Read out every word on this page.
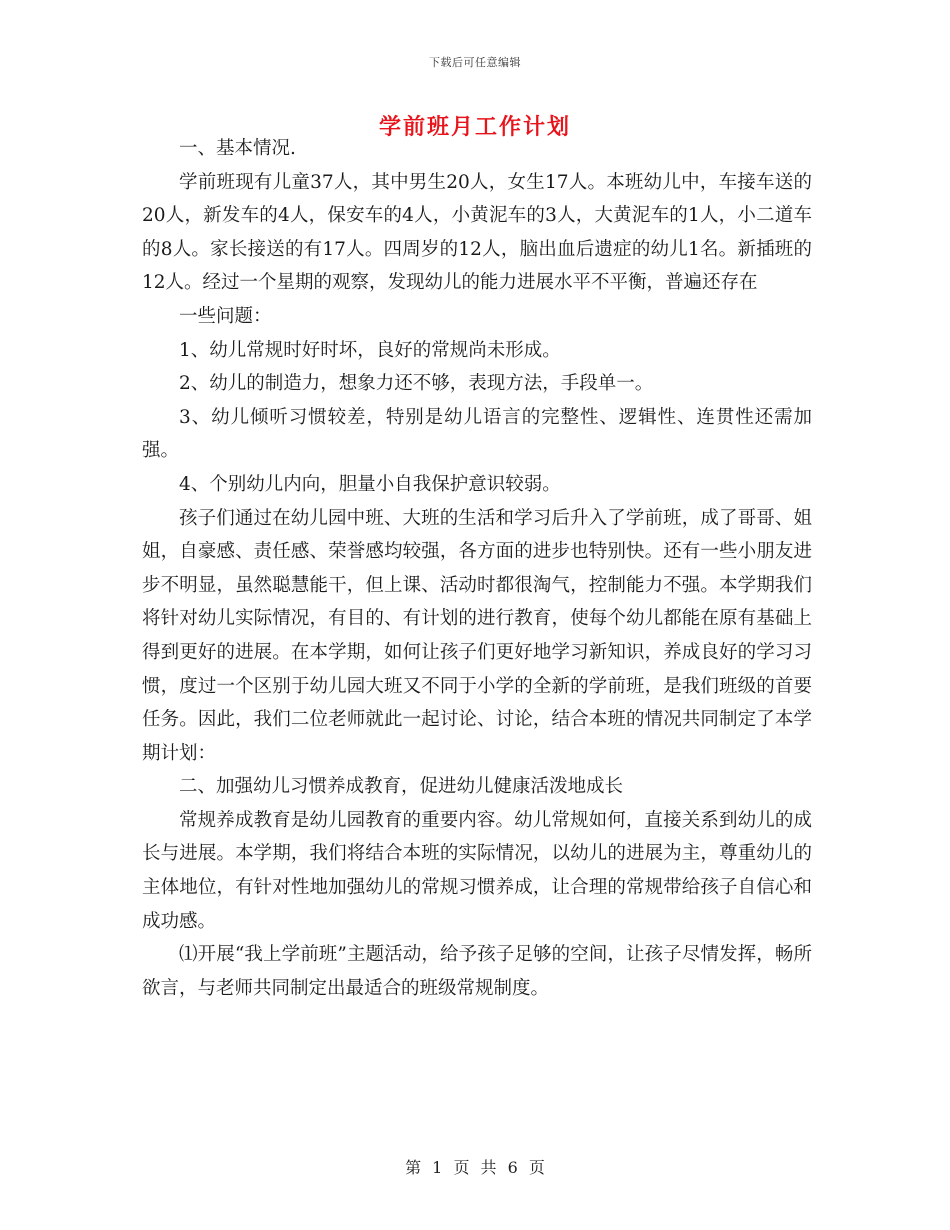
下载后可任意编辑
学前班月工作计划

一、基本情况.

学前班现有儿童37人，其中男生20人，女生17人。本班幼儿中，车接车送的20人，新发车的4人，保安车的4人，小黄泥车的3人，大黄泥车的1人，小二道车的8人。家长接送的有17人。四周岁的12人，脑出血后遗症的幼儿1名。新插班的12人。经过一个星期的观察，发现幼儿的能力进展水平不平衡，普遍还存在

一些问题：

1、幼儿常规时好时坏，良好的常规尚未形成。

2、幼儿的制造力，想象力还不够，表现方法，手段单一。

3、幼儿倾听习惯较差，特别是幼儿语言的完整性、逻辑性、连贯性还需加强。

4、个别幼儿内向，胆量小自我保护意识较弱。

孩子们通过在幼儿园中班、大班的生活和学习后升入了学前班，成了哥哥、姐姐，自豪感、责任感、荣誉感均较强，各方面的进步也特别快。还有一些小朋友进步不明显，虽然聪慧能干，但上课、活动时都很淘气，控制能力不强。本学期我们将针对幼儿实际情况，有目的、有计划的进行教育，使每个幼儿都能在原有基础上得到更好的进展。在本学期，如何让孩子们更好地学习新知识，养成良好的学习习惯，度过一个区别于幼儿园大班又不同于小学的全新的学前班，是我们班级的首要任务。因此，我们二位老师就此一起讨论、讨论，结合本班的情况共同制定了本学期计划：

二、加强幼儿习惯养成教育，促进幼儿健康活泼地成长

常规养成教育是幼儿园教育的重要内容。幼儿常规如何，直接关系到幼儿的成长与进展。本学期，我们将结合本班的实际情况，以幼儿的进展为主，尊重幼儿的主体地位，有针对性地加强幼儿的常规习惯养成，让合理的常规带给孩子自信心和成功感。

⑴开展“我上学前班”主题活动，给予孩子足够的空间，让孩子尽情发挥，畅所欲言，与老师共同制定出最适合的班级常规制度。

第 1 页 共 6 页
